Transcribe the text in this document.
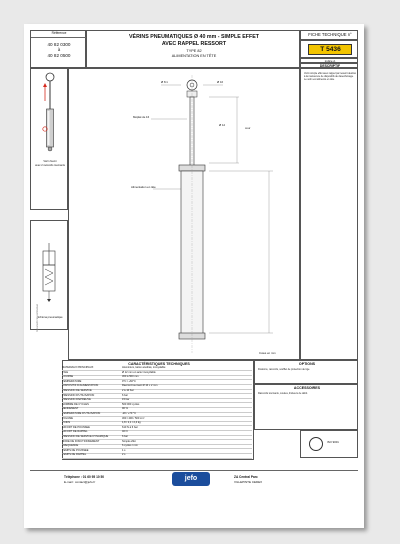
Référence
40 82 0300
à
40 82 0500
VÉRINS PNEUMATIQUES Ø 40 mm - SIMPLE EFFET
AVEC RAPPEL RESSORT
TYPE 82
ALIMENTATION EN TÊTE
FICHE TECHNIQUE n°
T 5436
indice A
DESCRIPTIF
Vérin fourni
avec 2 raccords tournants
Schéma pneumatique
Document non contractuel
Ø 8.1	Ø 16
Ø 12
cour
Méplat de 16
Alimentation en tête
Cotes en mm
Vérin simple effet avec rappel par ressort destiné à la manœuvre de dispositifs de désenfumage. Le vérin est alimenté en tête.
CARACTÉRISTIQUES TECHNIQUES	OPTIONS
Fixations, raccords, soufflet de protection de tige.
ACCESSOIRES
Raccords tournants, coudes, limiteurs de débit.
ISO 9001
Téléphone : 01 60 95 10 50
E-mail : contact@jefo.fr	jefo	ZA Central Parc
VILLEPINTE CEDEX
MATÉRIAUX PRINCIPAUX	Aluminium, laiton anodisé, inoxydable
TIGE	Ø 12 mm en acier inoxydable
COURSE	300 à 500 mm
TEMPÉRATURE	0°C / +60°C
DISPOSITIF D'ALIMENTATION	Raccord tournant Ø 10 x 2 mm
PRESSION DE SERVICE	2 à 10 bar
PRESSION D'UTILISATION	6 bar
PRESSION D'ÉPREUVE	15 bar
NOMBRE DE CYCLES	500 000 cycles
RENDEMENT	90 %
TEMPÉRATURE D'UTILISATION	-20 / +70 °C
VOLUME	300 / 400 / 500 cm³
POIDS	1,8 / 2,1 / 2,4 kg
EFFORT DE POUSSÉE	610 N à 6 bar
EFFORT DE RAPPEL	40 N
PRESSION DE SERVICE DYNAMIQUE	6 bar
MODE DE FONCTIONNEMENT	Simple effet
FRÉQUENCE	6 cycles / min
TEMPS DE POUSSÉE	1 s
TEMPS DE RAPPEL	2 s
